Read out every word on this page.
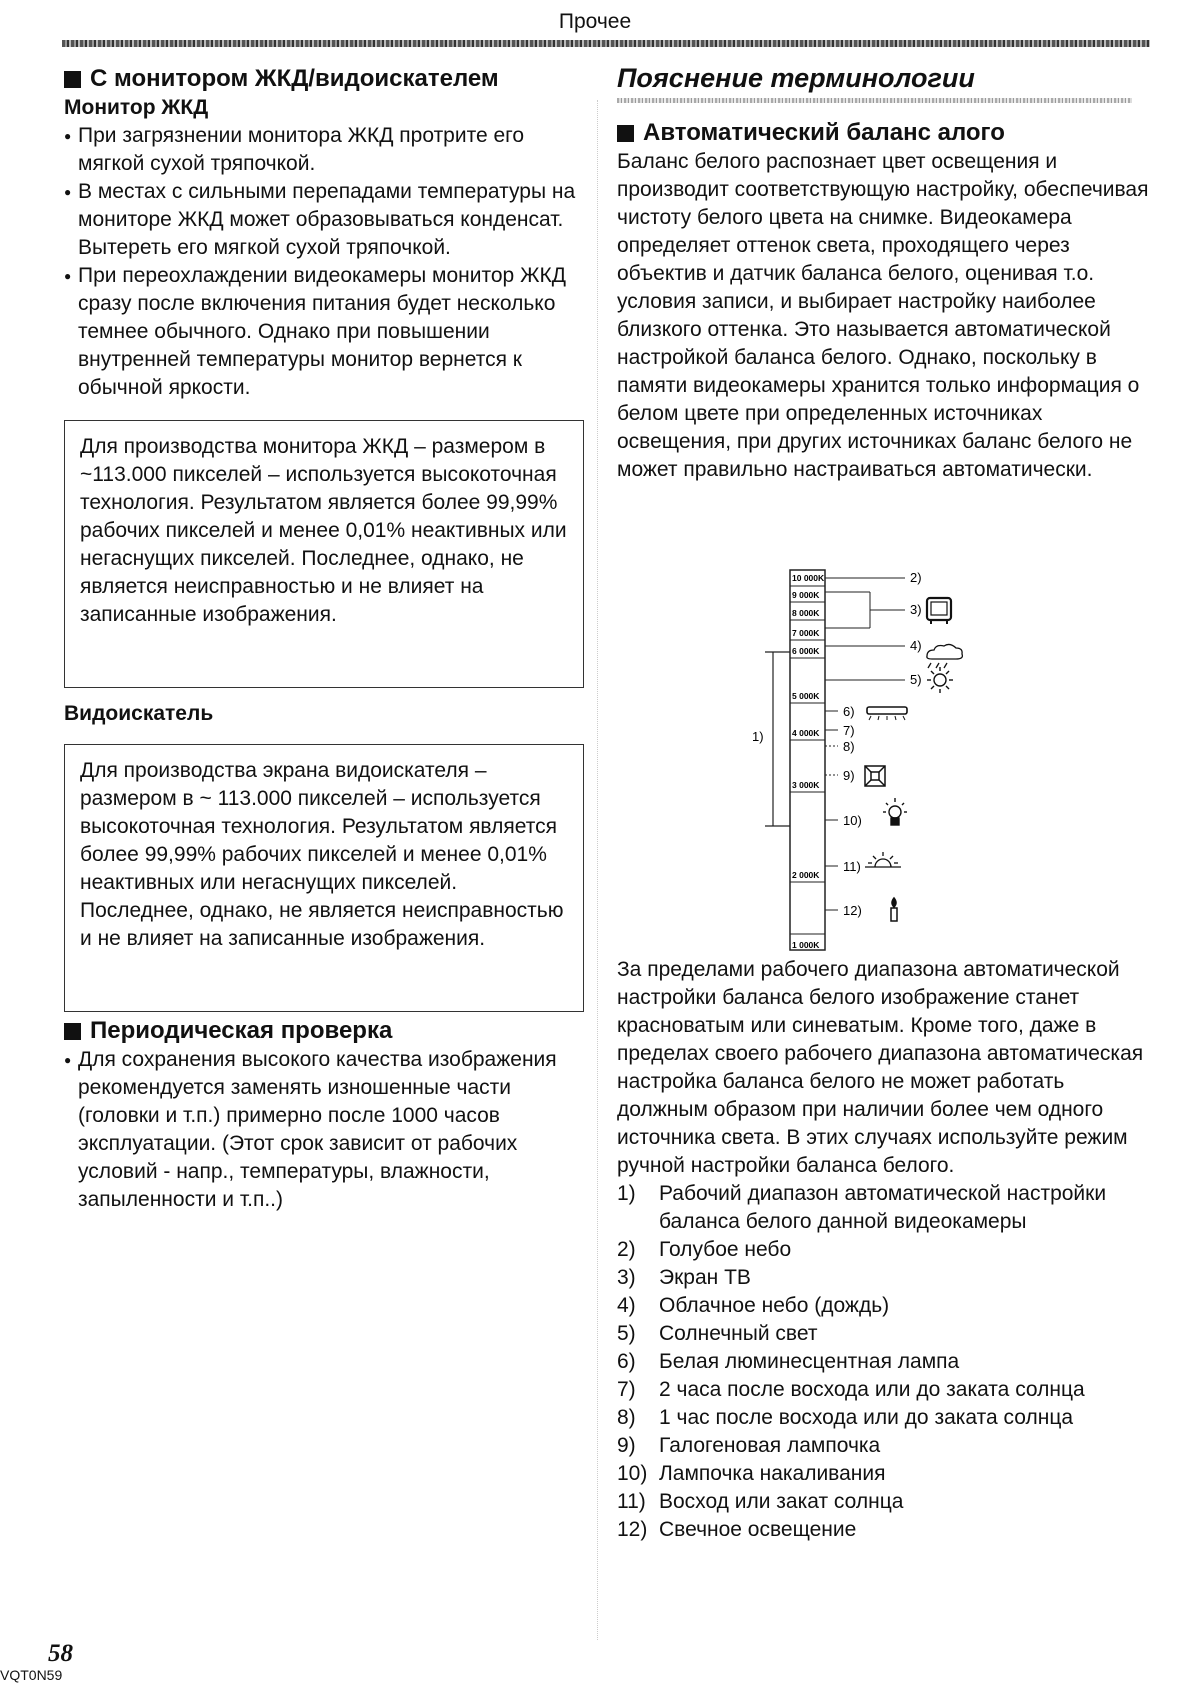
Прочее
С монитором ЖКД/видоискателем
Монитор ЖКД
● При загрязнении монитора ЖКД протрите его мягкой сухой тряпочкой.
● В местах с сильными перепадами температуры на мониторе ЖКД может образовываться конденсат. Вытереть его мягкой сухой тряпочкой.
● При переохлаждении видеокамеры монитор ЖКД сразу после включения питания будет несколько темнее обычного. Однако при повышении внутренней температуры монитор вернется к обычной яркости.
Для производства монитора ЖКД – размером в ~113.000 пикселей – используется высокоточная технология. Результатом является более 99,99% рабочих пикселей и менее 0,01% неактивных или негаснущих пикселей. Последнее, однако, не является неисправностью и не влияет на записанные изображения.
Видоискатель
Для производства экрана видоискателя – размером в ~ 113.000 пикселей – используется высокоточная технология. Результатом является более 99,99% рабочих пикселей и менее 0,01% неактивных или негаснущих пикселей. Последнее, однако, не является неисправностью и не влияет на записанные изображения.
Периодическая проверка
● Для сохранения высокого качества изображения рекомендуется заменять изношенные части (головки и т.п.) примерно после 1000 часов эксплуатации. (Этот срок зависит от рабочих условий - напр., температуры, влажности, запыленности и т.п..)
Пояснение терминологии
Автоматический баланс алого
Баланс белого распознает цвет освещения и производит соответствующую настройку, обеспечивая чистоту белого цвета на снимке. Видеокамера определяет оттенок света, проходящего через объектив и датчик баланса белого, оценивая т.о. условия записи, и выбирает настройку наиболее близкого оттенка. Это называется автоматической настройкой баланса белого. Однако, поскольку в памяти видеокамеры хранится только информация о белом цвете при определенных источниках освещения, при других источниках баланс белого не может правильно настраиваться автоматически.
10 000K
9 000K
8 000K
7 000K
6 000K
5 000K
4 000K
3 000K
2 000K
1 000K
1)
2)
3)
4)
5)
6)
7)
8)
9)
10)
11)
12)
За пределами рабочего диапазона автоматической настройки баланса белого изображение станет красноватым или синеватым. Кроме того, даже в пределах своего рабочего диапазона автоматическая настройка баланса белого не может работать должным образом при наличии более чем одного источника света. В этих случаях используйте режим ручной настройки баланса белого.
1)	Рабочий диапазон автоматической настройки баланса белого данной видеокамеры
2)	Голубое небо
3)	Экран ТВ
4)	Облачное небо (дождь)
5)	Солнечный свет
6)	Белая люминесцентная лампа
7)	2 часа после восхода или до заката солнца
8)	1 час после восхода или до заката солнца
9)	Галогеновая лампочка
10) Лампочка накаливания
11) Восход или закат солнца
12) Свечное освещение
58
VQT0N59
